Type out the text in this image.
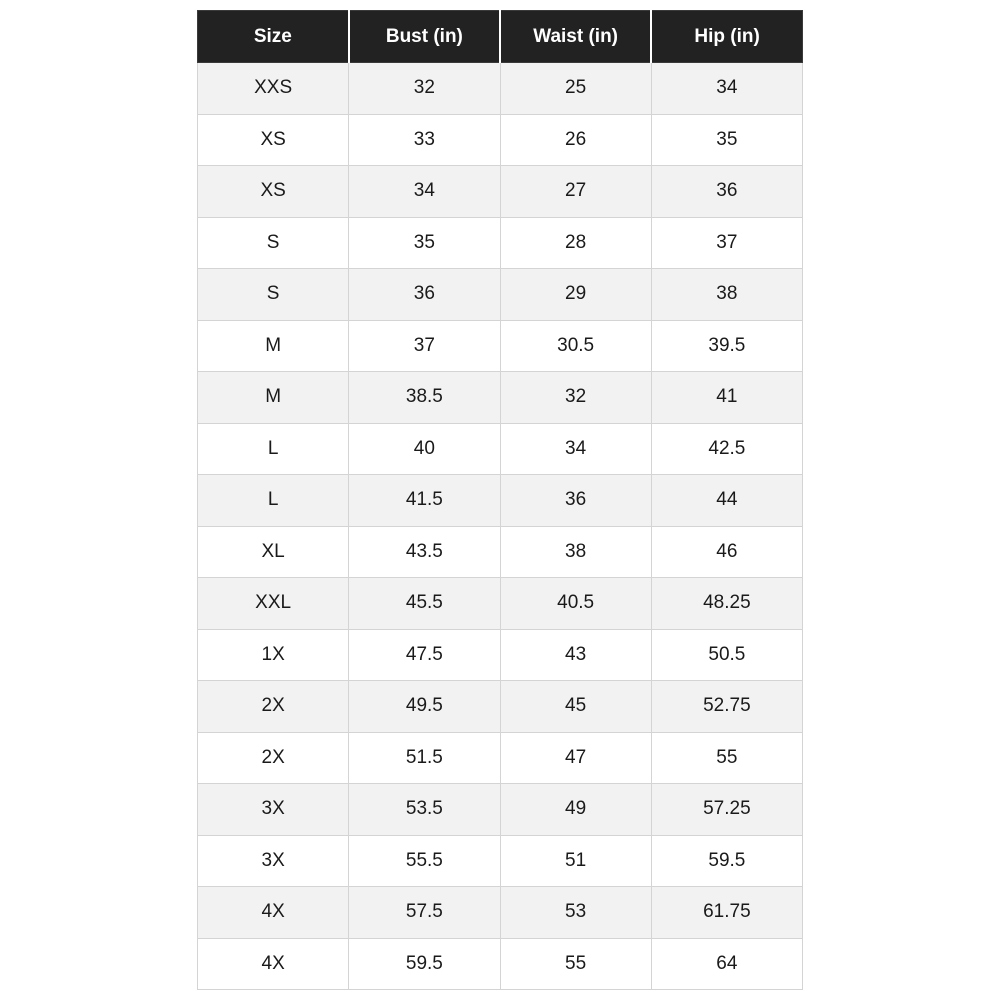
Size	Bust (in)	Waist (in)	Hip (in)
XXS	32	25	34
XS	33	26	35
XS	34	27	36
S	35	28	37
S	36	29	38
M	37	30.5	39.5
M	38.5	32	41
L	40	34	42.5
L	41.5	36	44
XL	43.5	38	46
XXL	45.5	40.5	48.25
1X	47.5	43	50.5
2X	49.5	45	52.75
2X	51.5	47	55
3X	53.5	49	57.25
3X	55.5	51	59.5
4X	57.5	53	61.75
4X	59.5	55	64
